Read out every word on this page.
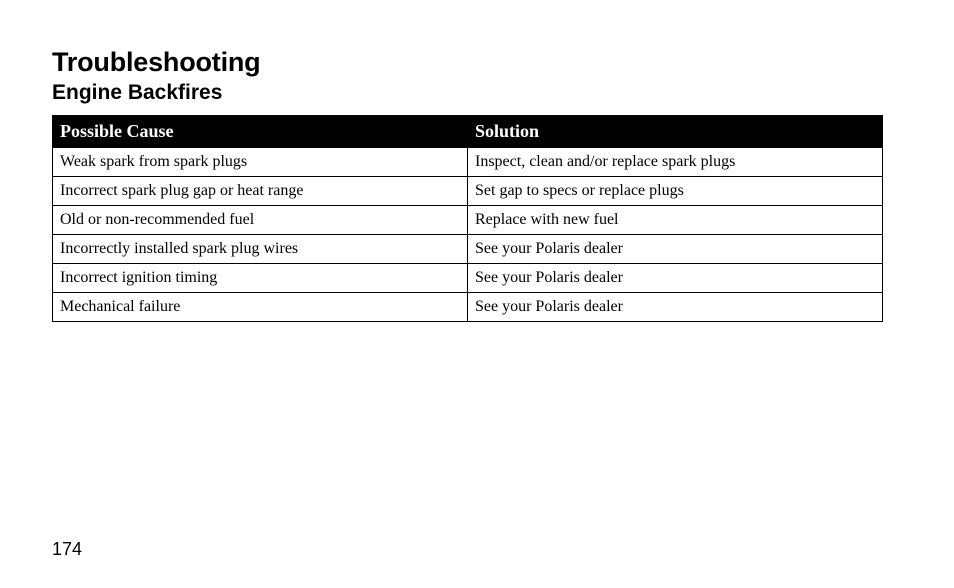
Troubleshooting
Engine Backfires
Possible Cause	Solution
Weak spark from spark plugs	Inspect, clean and/or replace spark plugs
Incorrect spark plug gap or heat range	Set gap to specs or replace plugs
Old or non-recommended fuel	Replace with new fuel
Incorrectly installed spark plug wires	See your Polaris dealer
Incorrect ignition timing	See your Polaris dealer
Mechanical failure	See your Polaris dealer
174
